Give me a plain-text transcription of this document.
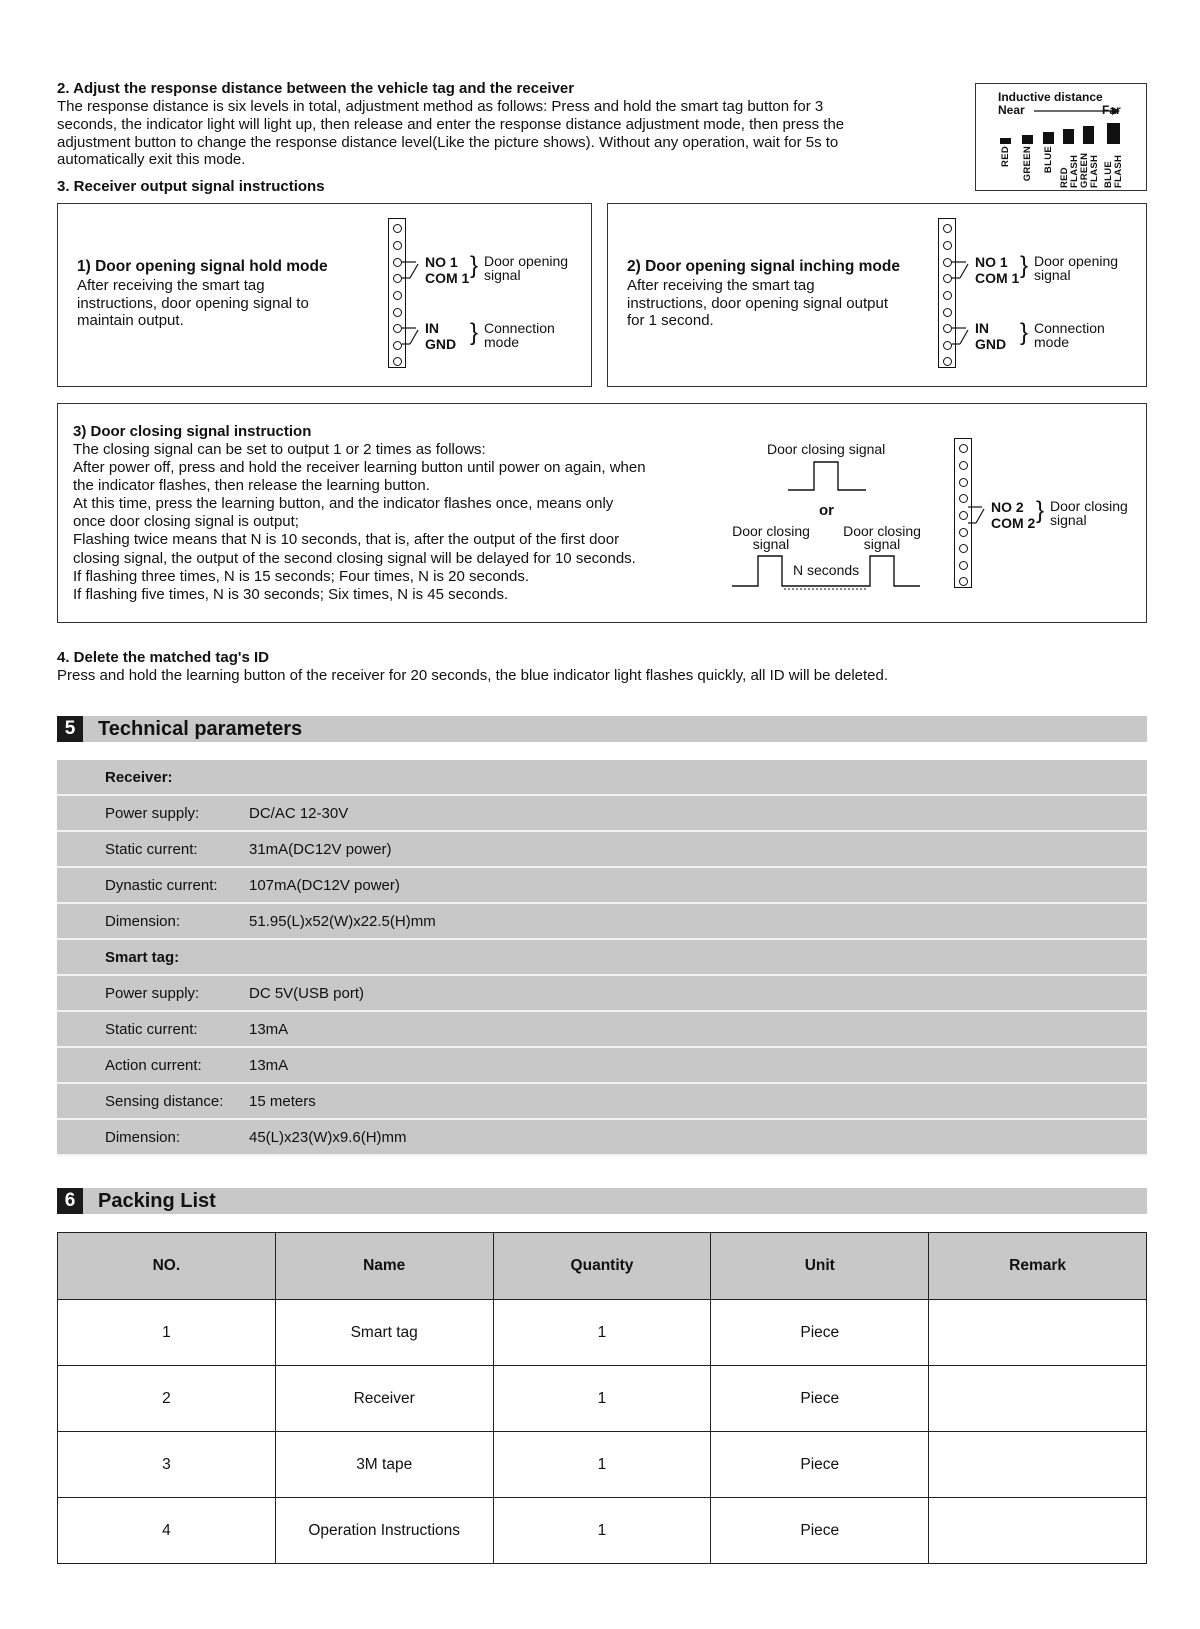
2. Adjust the response distance between the vehicle tag and the receiver
The response distance is six levels in total, adjustment method as follows: Press and hold the smart tag button for 3
seconds, the indicator light will light up, then release and enter the response distance adjustment mode, then press the
adjustment button to change the response distance level(Like the picture shows). Without any operation, wait for 5s to
automatically exit this mode.
Inductive distance
Near	Far
RED GREEN BLUE
RED FLASH GREEN FLASH BLUE FLASH
3. Receiver output signal instructions
1) Door opening signal hold mode
After receiving the smart tag
instructions, door opening signal to
maintain output.
NO 1
COM 1 } Door opening
signal
IN
GND } Connection
mode
2) Door opening signal inching mode
After receiving the smart tag
instructions, door opening signal output
for 1 second.
NO 1
COM 1 } Door opening
signal
IN
GND } Connection
mode
3) Door closing signal instruction
The closing signal can be set to output 1 or 2 times as follows:
After power off, press and hold the receiver learning button until power on again, when
the indicator flashes, then release the learning button.
At this time, press the learning button, and the indicator flashes once, means only
once door closing signal is output;
Flashing twice means that N is 10 seconds, that is, after the output of the first door
closing signal, the output of the second closing signal will be delayed for 10 seconds.
If flashing three times, N is 15 seconds; Four times, N is 20 seconds.
If flashing five times, N is 30 seconds; Six times, N is 45 seconds.
Door closing signal
or
Door closing
signal
Door closing
signal
N seconds
NO 2
COM 2 } Door closing
signal
4. Delete the matched tag's ID
Press and hold the learning button of the receiver for 20 seconds, the blue indicator light flashes quickly, all ID will be deleted.
5	Technical parameters
Receiver:	
Power supply:	DC/AC 12-30V
Static current:	31mA(DC12V power)
Dynastic current:	107mA(DC12V power)
Dimension:	51.95(L)x52(W)x22.5(H)mm
Smart tag:	
Power supply:	DC 5V(USB port)
Static current:	13mA
Action current:	13mA
Sensing distance:	15 meters
Dimension:	45(L)x23(W)x9.6(H)mm
6	Packing List
NO.	Name	Quantity	Unit	Remark
1	Smart tag	1	Piece	
2	Receiver	1	Piece	
3	3M tape	1	Piece	
4	Operation Instructions	1	Piece	
